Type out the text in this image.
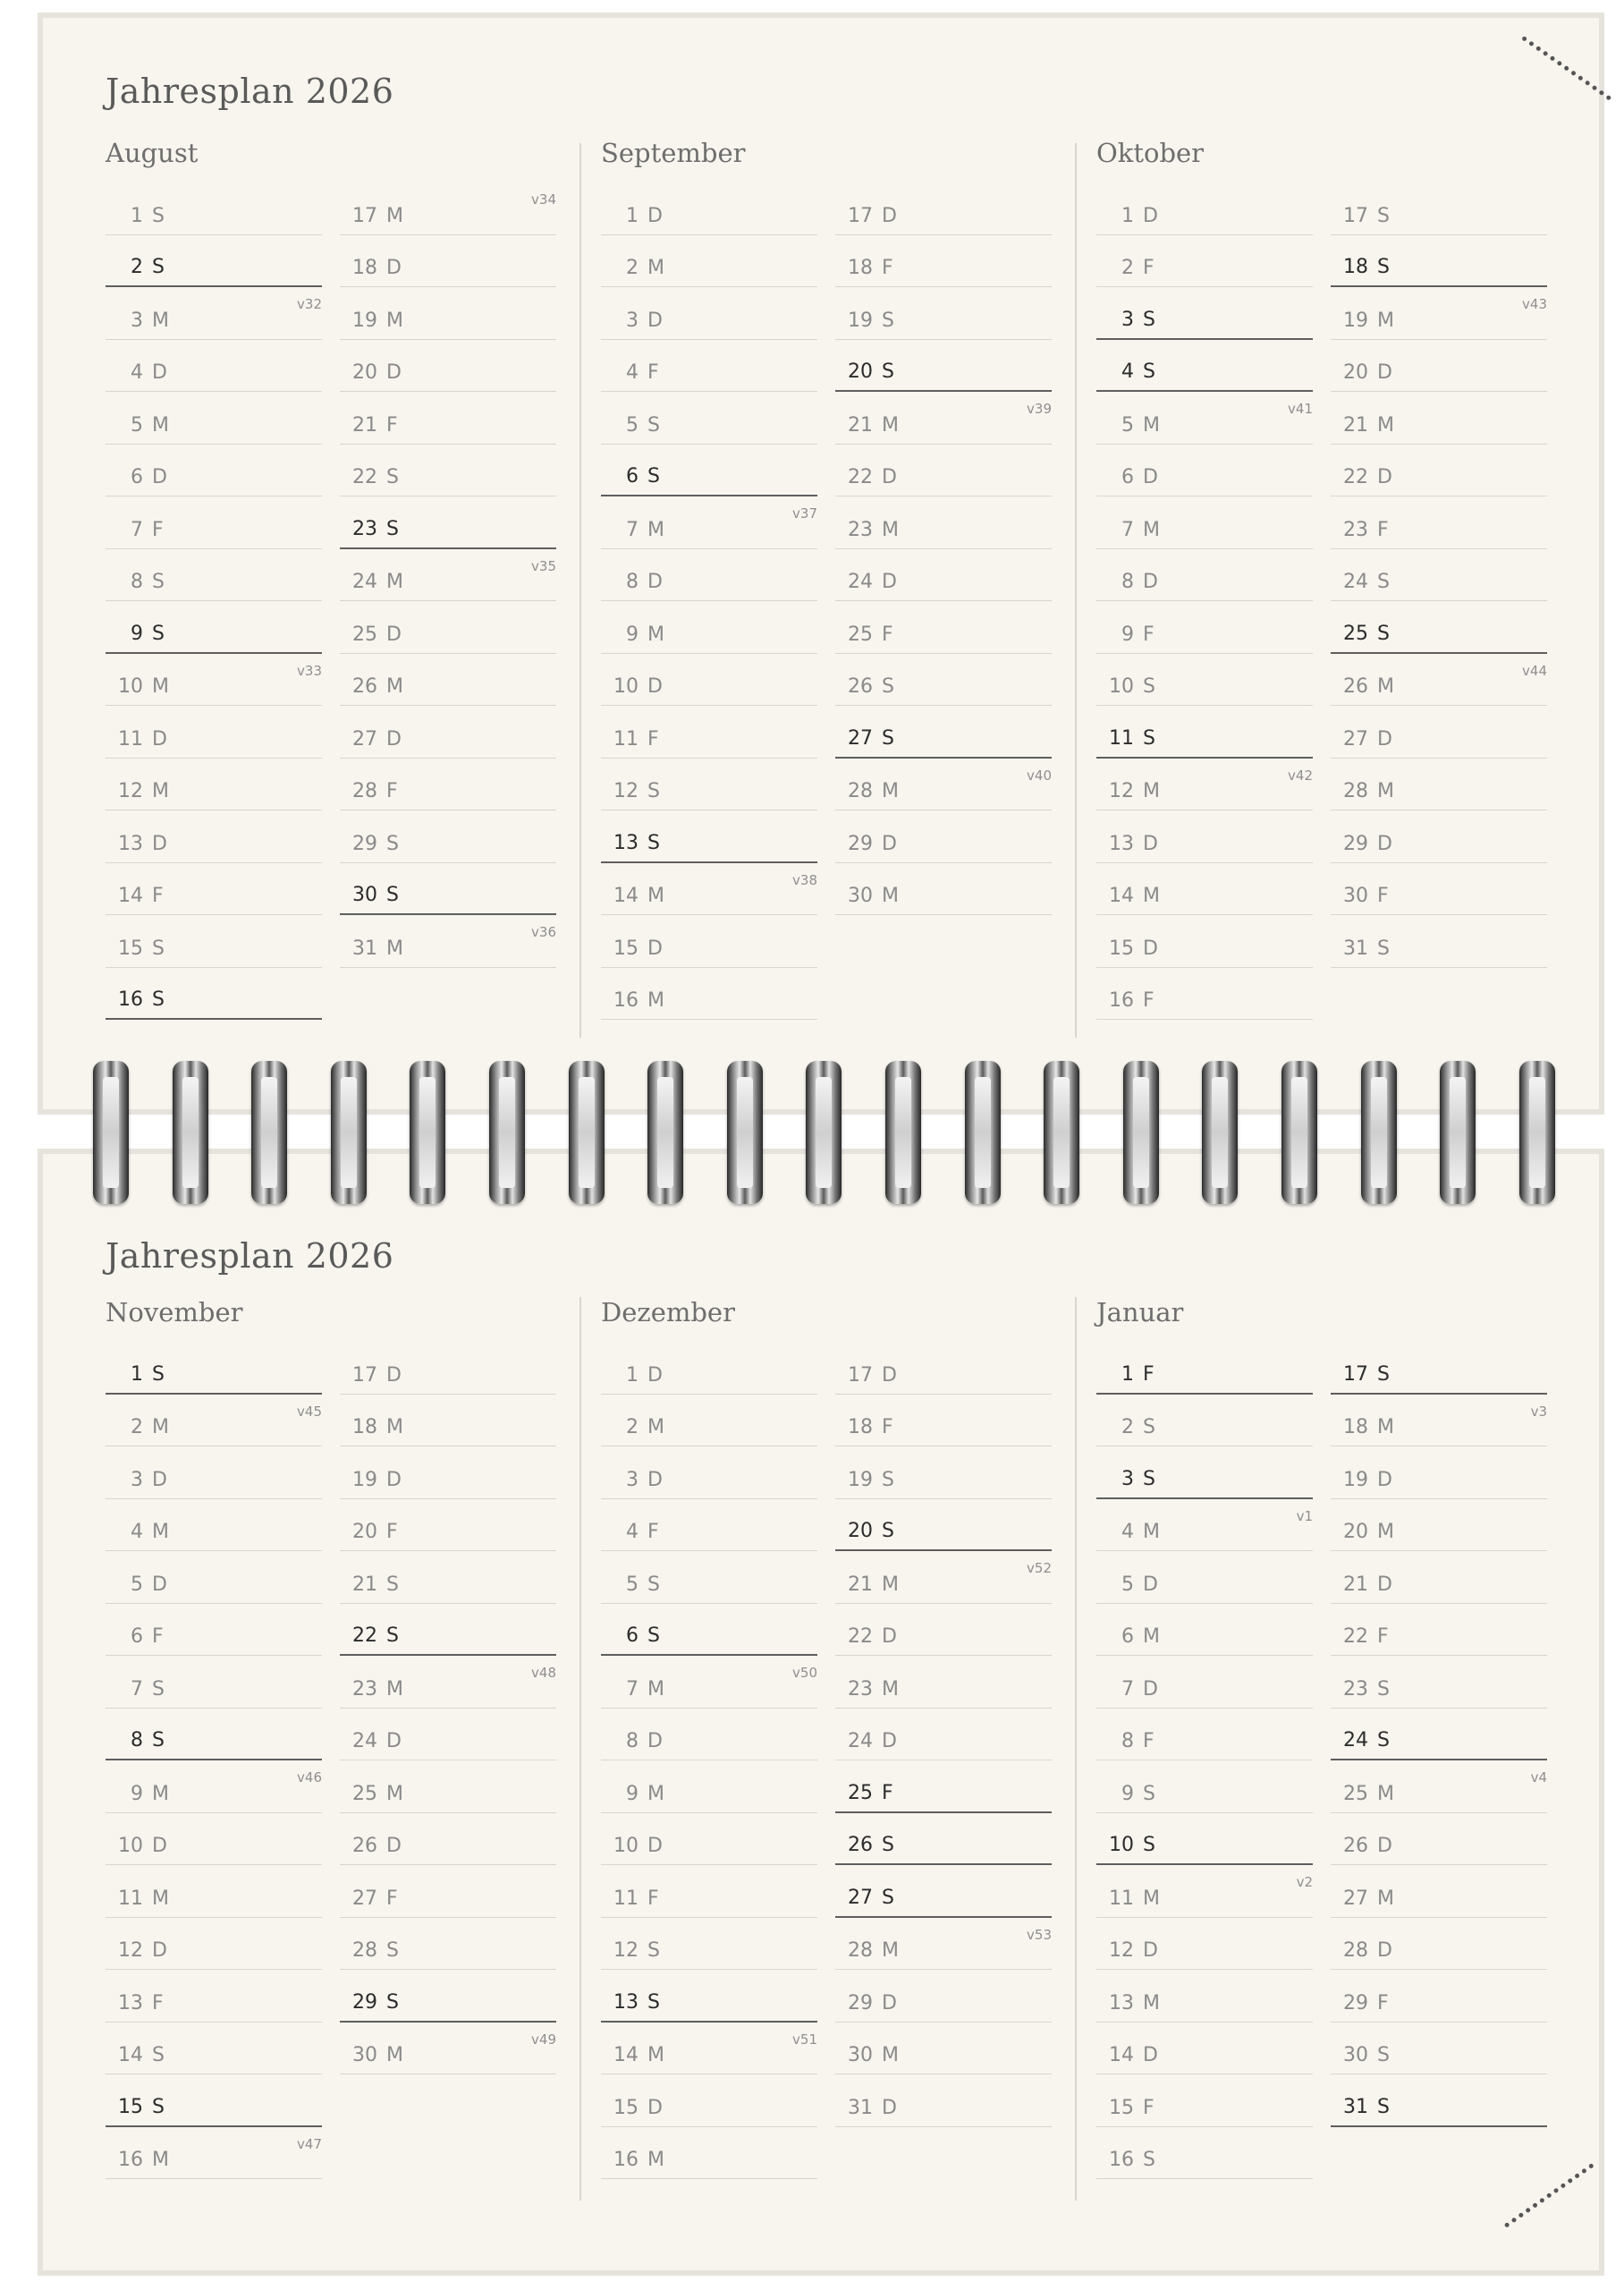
Jahresplan 2026
August
1 S
2 S
3 M
v32
4 D
5 M
6 D
7 F
8 S
9 S
10 M
v33
11 D
12 M
13 D
14 F
15 S
16 S
17 M
v34
18 D
19 M
20 D
21 F
22 S
23 S
24 M
v35
25 D
26 M
27 D
28 F
29 S
30 S
31 M
v36
September
1 D
2 M
3 D
4 F
5 S
6 S
7 M
v37
8 D
9 M
10 D
11 F
12 S
13 S
14 M
v38
15 D
16 M
17 D
18 F
19 S
20 S
21 M
v39
22 D
23 M
24 D
25 F
26 S
27 S
28 M
v40
29 D
30 M
Oktober
1 D
2 F
3 S
4 S
5 M
v41
6 D
7 M
8 D
9 F
10 S
11 S
12 M
v42
13 D
14 M
15 D
16 F
17 S
18 S
19 M
v43
20 D
21 M
22 D
23 F
24 S
25 S
26 M
v44
27 D
28 M
29 D
30 F
31 S
Jahresplan 2026
November
1 S
2 M
v45
3 D
4 M
5 D
6 F
7 S
8 S
9 M
v46
10 D
11 M
12 D
13 F
14 S
15 S
16 M
v47
17 D
18 M
19 D
20 F
21 S
22 S
23 M
v48
24 D
25 M
26 D
27 F
28 S
29 S
30 M
v49
Dezember
1 D
2 M
3 D
4 F
5 S
6 S
7 M
v50
8 D
9 M
10 D
11 F
12 S
13 S
14 M
v51
15 D
16 M
17 D
18 F
19 S
20 S
21 M
v52
22 D
23 M
24 D
25 F
26 S
27 S
28 M
v53
29 D
30 M
31 D
Januar
1 F
2 S
3 S
4 M
v1
5 D
6 M
7 D
8 F
9 S
10 S
11 M
v2
12 D
13 M
14 D
15 F
16 S
17 S
18 M
v3
19 D
20 M
21 D
22 F
23 S
24 S
25 M
v4
26 D
27 M
28 D
29 F
30 S
31 S
